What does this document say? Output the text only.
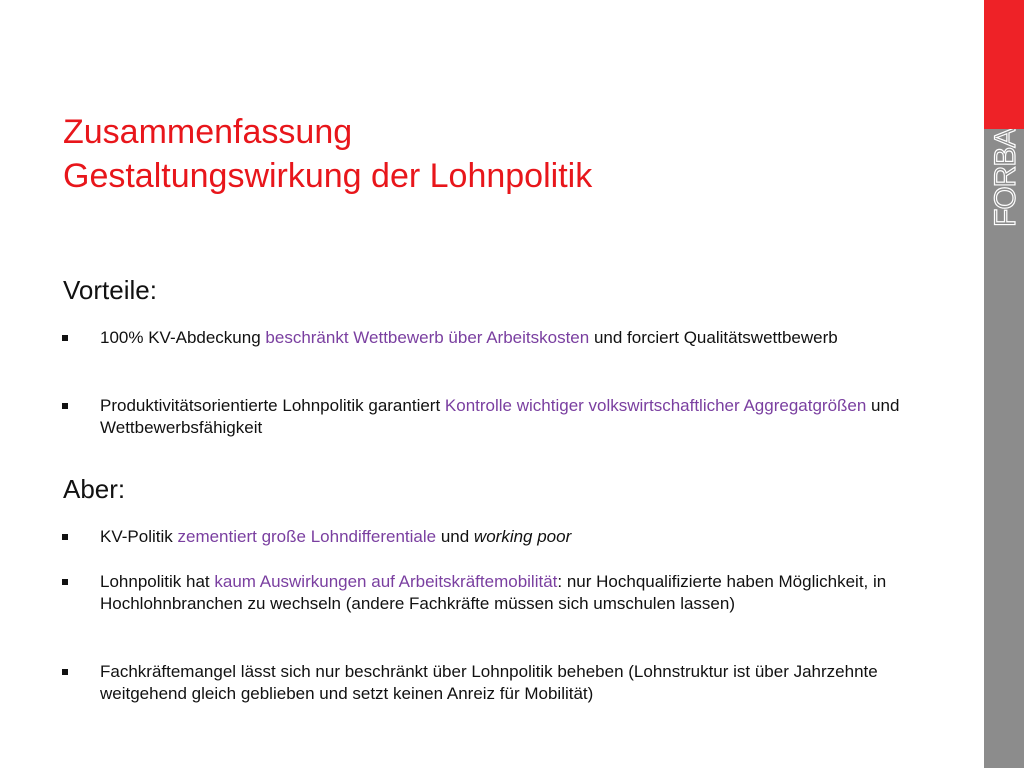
FORBA
Zusammenfassung
Gestaltungswirkung der Lohnpolitik
Vorteile:
100% KV-Abdeckung beschränkt Wettbewerb über Arbeitskosten und forciert Qualitätswettbewerb
Produktivitätsorientierte Lohnpolitik garantiert Kontrolle wichtiger volkswirtschaftlicher Aggregatgrößen und Wettbewerbsfähigkeit
Aber:
KV-Politik zementiert große Lohndifferentiale und working poor
Lohnpolitik hat kaum Auswirkungen auf Arbeitskräftemobilität: nur Hochqualifizierte haben Möglichkeit, in Hochlohnbranchen zu wechseln (andere Fachkräfte müssen sich umschulen lassen)
Fachkräftemangel lässt sich nur beschränkt über Lohnpolitik beheben (Lohnstruktur ist über Jahrzehnte weitgehend gleich geblieben und setzt keinen Anreiz für Mobilität)
